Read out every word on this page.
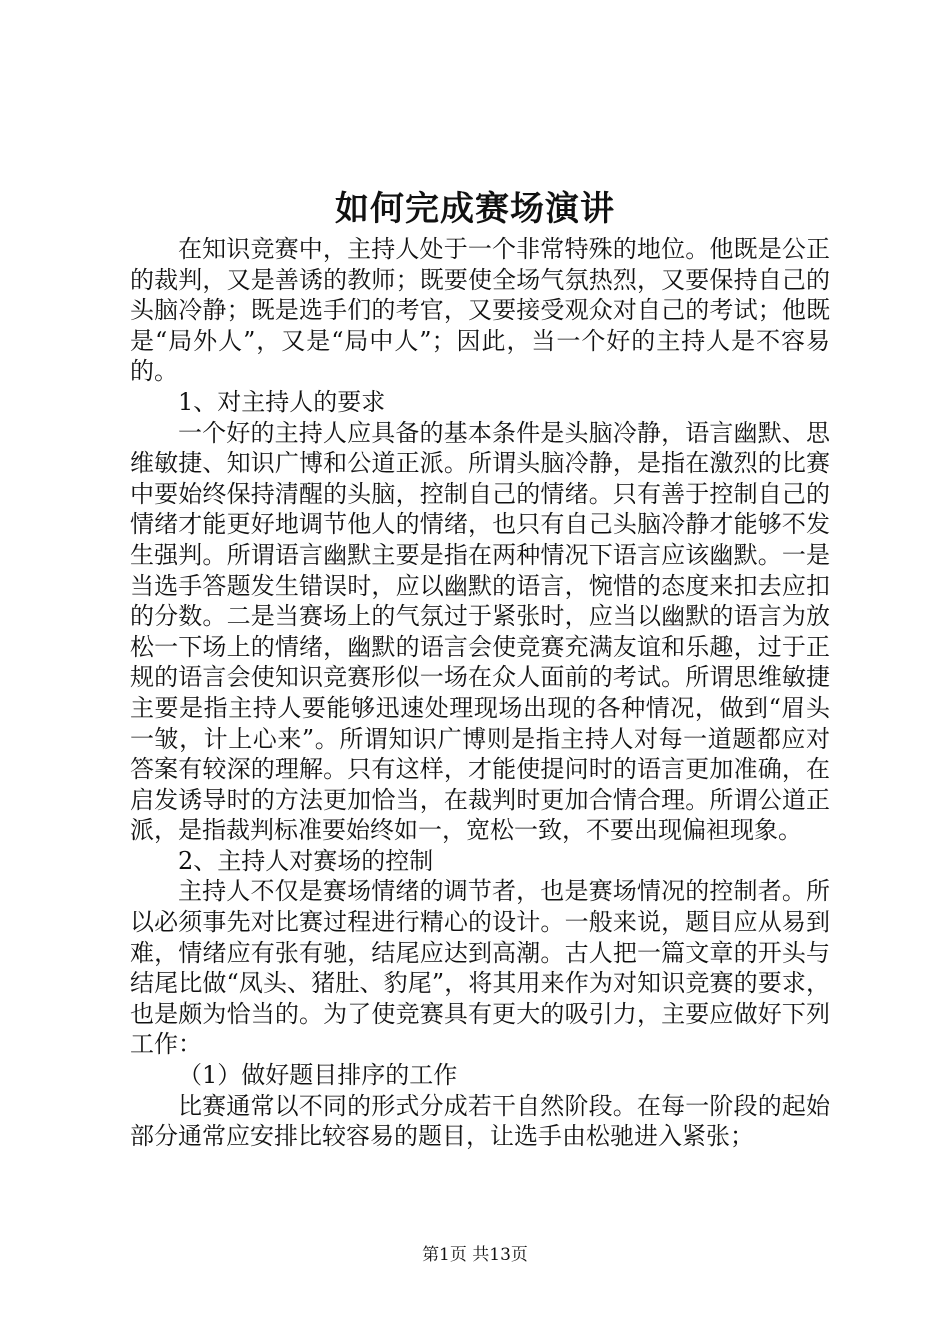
如何完成赛场演讲

在知识竞赛中，主持人处于一个非常特殊的地位。他既是公正的裁判，又是善诱的教师；既要使全场气氛热烈，又要保持自己的头脑冷静；既是选手们的考官，又要接受观众对自己的考试；他既是“局外人”，又是“局中人”；因此，当一个好的主持人是不容易的。

1、对主持人的要求

一个好的主持人应具备的基本条件是头脑冷静，语言幽默、思维敏捷、知识广博和公道正派。所谓头脑冷静，是指在激烈的比赛中要始终保持清醒的头脑，控制自己的情绪。只有善于控制自己的情绪才能更好地调节他人的情绪，也只有自己头脑冷静才能够不发生强判。所谓语言幽默主要是指在两种情况下语言应该幽默。一是当选手答题发生错误时，应以幽默的语言，惋惜的态度来扣去应扣的分数。二是当赛场上的气氛过于紧张时，应当以幽默的语言为放松一下场上的情绪，幽默的语言会使竞赛充满友谊和乐趣，过于正规的语言会使知识竞赛形似一场在众人面前的考试。所谓思维敏捷主要是指主持人要能够迅速处理现场出现的各种情况，做到“眉头一皱，计上心来”。所谓知识广博则是指主持人对每一道题都应对答案有较深的理解。只有这样，才能使提问时的语言更加准确，在启发诱导时的方法更加恰当，在裁判时更加合情合理。所谓公道正派，是指裁判标准要始终如一，宽松一致，不要出现偏袒现象。

2、主持人对赛场的控制

主持人不仅是赛场情绪的调节者，也是赛场情况的控制者。所以必须事先对比赛过程进行精心的设计。一般来说，题目应从易到难，情绪应有张有驰，结尾应达到高潮。古人把一篇文章的开头与结尾比做“凤头、猪肚、豹尾”，将其用来作为对知识竞赛的要求，也是颇为恰当的。为了使竞赛具有更大的吸引力，主要应做好下列工作：

（1）做好题目排序的工作

比赛通常以不同的形式分成若干自然阶段。在每一阶段的起始部分通常应安排比较容易的题目，让选手由松驰进入紧张；

第1页 共13页
